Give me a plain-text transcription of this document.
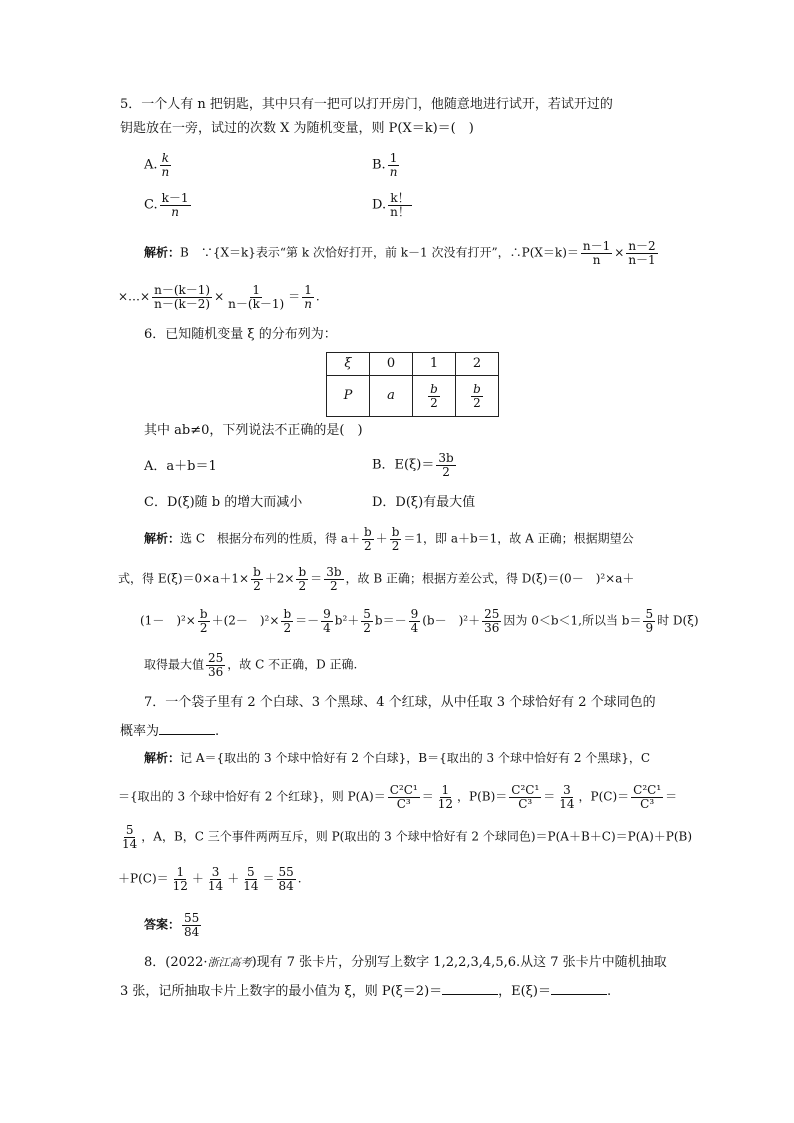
5．一个人有 n 把钥匙，其中只有一把可以打开房门，他随意地进行试开，若试开过的
钥匙放在一旁，试过的次数 X 为随机变量，则 P(X＝k)＝(　)
A. $\frac{k}{n}$	B. $\frac{1}{n}$
C. $\frac{k-1}{n}$	D. $\frac{k!}{n!}$
解析：B　∵{X＝k}表示“第 k 次恰好打开，前 k－1 次没有打开”，∴P(X＝k)＝ $\frac{n-1}{n} \times \frac{n-2}{n-1}$
×…× $\frac{n-(k-1)}{n-(k-2)} \times \frac{1}{n-(k-1)} = \frac{1}{n}$ .
6．已知随机变量 ξ 的分布列为：
ξ	0	1	2
P	a	$\frac{b}{2}$	$\frac{b}{2}$
其中 ab≠0，下列说法不正确的是(　)
A．a＋b＝1	B．$E(\xi)= \frac{3b}{2}$
C．D(ξ)随 b 的增大而减小	D．D(ξ)有最大值
解析：选 C　根据分布列的性质，得 $a+ \frac{b}{2} + \frac{b}{2} =1$，即 a＋b＝1，故 A 正确；根据期望公
式，得 $E(\xi)=0\times a+1\times \frac{b}{2} +2\times \frac{b}{2} = \frac{3b}{2}$ ，故 B 正确；根据方差公式，得 D(ξ)＝(0－　)²×a＋
(1－　)$^2\times \frac{b}{2} +(2-$　)$^2\times \frac{b}{2} =- \frac{9}{4} b^2+ \frac{5}{2} b=- \frac{9}{4} (b-$　)$^2+ \frac{25}{36}$ 因为 0＜b＜1,所以当 $b= \frac{5}{9}$ 时 D(ξ)
取得最大值 $\frac{25}{36}$ ，故 C 不正确，D 正确.
7．一个袋子里有 2 个白球、3 个黑球、4 个红球，从中任取 3 个球恰好有 2 个球同色的
概率为	.
解析：记 A＝{取出的 3 个球中恰好有 2 个白球}，B＝{取出的 3 个球中恰好有 2 个黑球}，C
＝{取出的 3 个球中恰好有 2 个红球}，则 $P(A)= \frac{\text{C²C¹}}{\text{C³}} = \frac{1}{12}$ ，$P(B)= \frac{\text{C²C¹}}{\text{C³}} = \frac{3}{14}$ ，$P(C)= \frac{\text{C²C¹}}{\text{C³}}$ ＝
$\frac{5}{14}$ ，A，B，C 三个事件两两互斥，则 P(取出的 3 个球中恰好有 2 个球同色)＝P(A＋B＋C)＝P(A)＋P(B)
$+P(C)= \frac{1}{12} + \frac{3}{14} + \frac{5}{14} = \frac{55}{84}$ .
答案： $\frac{55}{84}$
8．(2022·浙江高考)现有 7 张卡片，分别写上数字 1,2,2,3,4,5,6.从这 7 张卡片中随机抽取
3 张，记所抽取卡片上数字的最小值为 ξ，则 P(ξ＝2)＝	，E(ξ)＝	.
